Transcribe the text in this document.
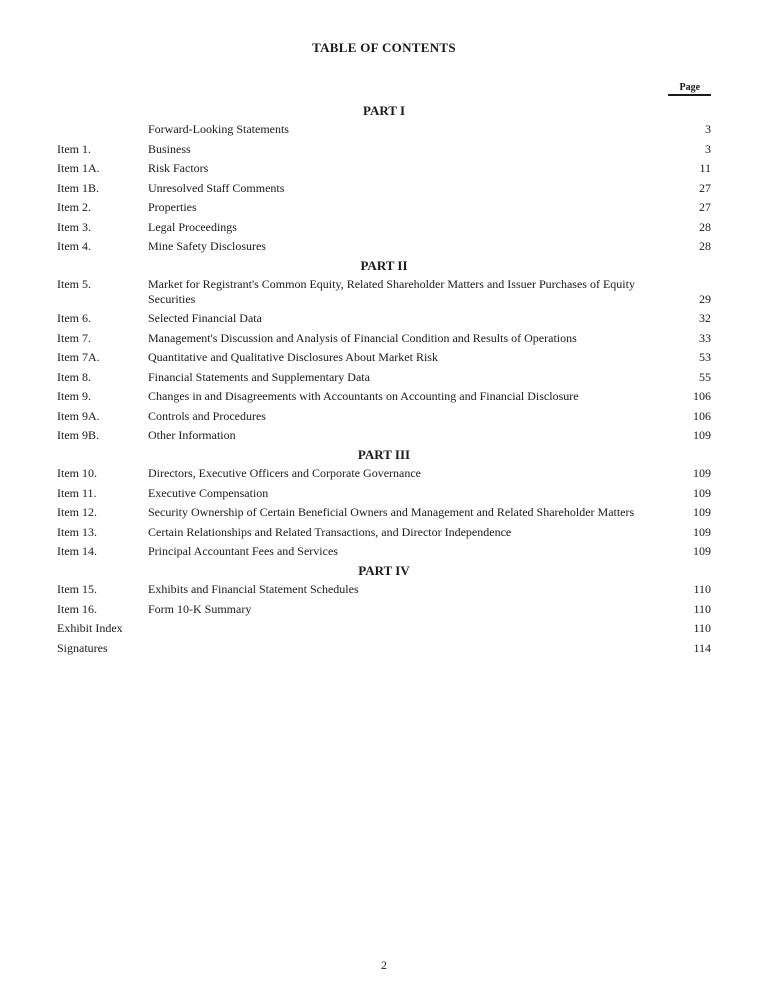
TABLE OF CONTENTS
Page		
PART I		
	Forward-Looking Statements	3
Item 1.	Business	3
Item 1A.	Risk Factors	11
Item 1B.	Unresolved Staff Comments	27
Item 2.	Properties	27
Item 3.	Legal Proceedings	28
Item 4.	Mine Safety Disclosures	28
PART II		
Item 5.	Market for Registrant's Common Equity, Related Shareholder Matters and Issuer Purchases of Equity Securities	29
Item 6.	Selected Financial Data	32
Item 7.	Management's Discussion and Analysis of Financial Condition and Results of Operations	33
Item 7A.	Quantitative and Qualitative Disclosures About Market Risk	53
Item 8.	Financial Statements and Supplementary Data	55
Item 9.	Changes in and Disagreements with Accountants on Accounting and Financial Disclosure	106
Item 9A.	Controls and Procedures	106
Item 9B.	Other Information	109
PART III		
Item 10.	Directors, Executive Officers and Corporate Governance	109
Item 11.	Executive Compensation	109
Item 12.	Security Ownership of Certain Beneficial Owners and Management and Related Shareholder Matters	109
Item 13.	Certain Relationships and Related Transactions, and Director Independence	109
Item 14.	Principal Accountant Fees and Services	109
PART IV		
Item 15.	Exhibits and Financial Statement Schedules	110
Item 16.	Form 10-K Summary	110
Exhibit Index		110
Signatures		114
2
